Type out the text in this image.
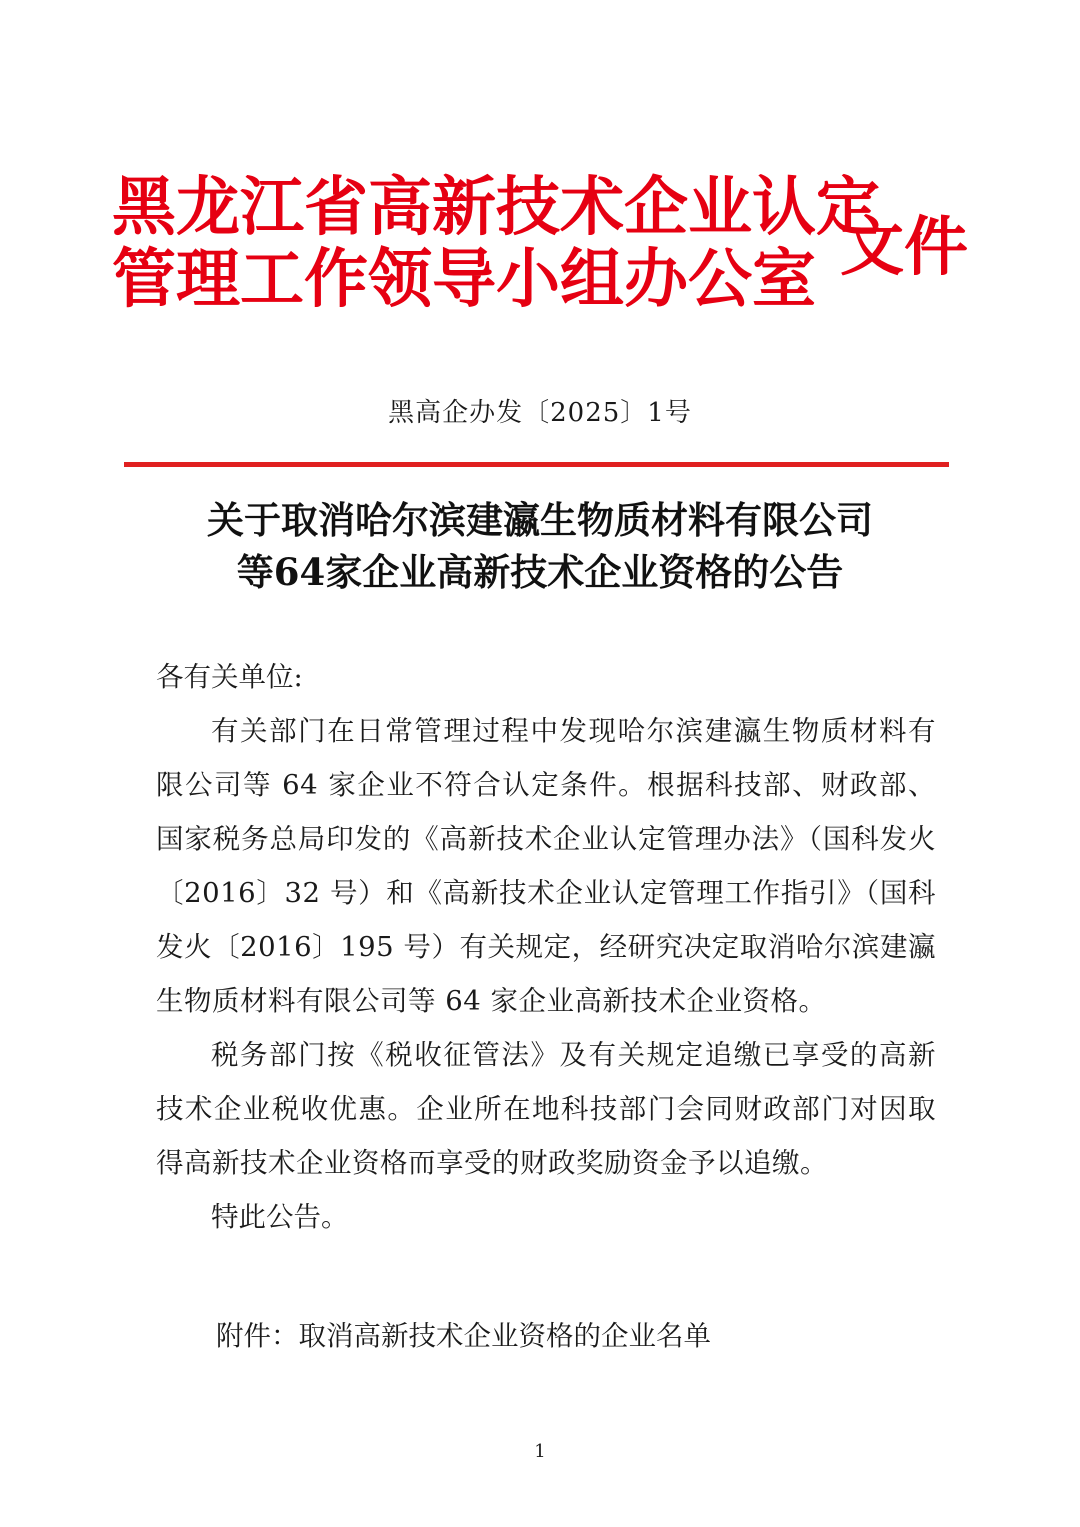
黑龙江省高新技术企业认定
管理工作领导小组办公室 文件
黑高企办发〔2025〕1号
关于取消哈尔滨建瀛生物质材料有限公司
等64家企业高新技术企业资格的公告
各有关单位:
有关部门在日常管理过程中发现哈尔滨建瀛生物质材料有限公司等 64 家企业不符合认定条件。根据科技部、财政部、国家税务总局印发的《高新技术企业认定管理办法》（国科发火〔2016〕32 号）和《高新技术企业认定管理工作指引》（国科发火〔2016〕195 号）有关规定，经研究决定取消哈尔滨建瀛生物质材料有限公司等 64 家企业高新技术企业资格。
税务部门按《税收征管法》及有关规定追缴已享受的高新技术企业税收优惠。企业所在地科技部门会同财政部门对因取得高新技术企业资格而享受的财政奖励资金予以追缴。
特此公告。
附件：取消高新技术企业资格的企业名单
1
